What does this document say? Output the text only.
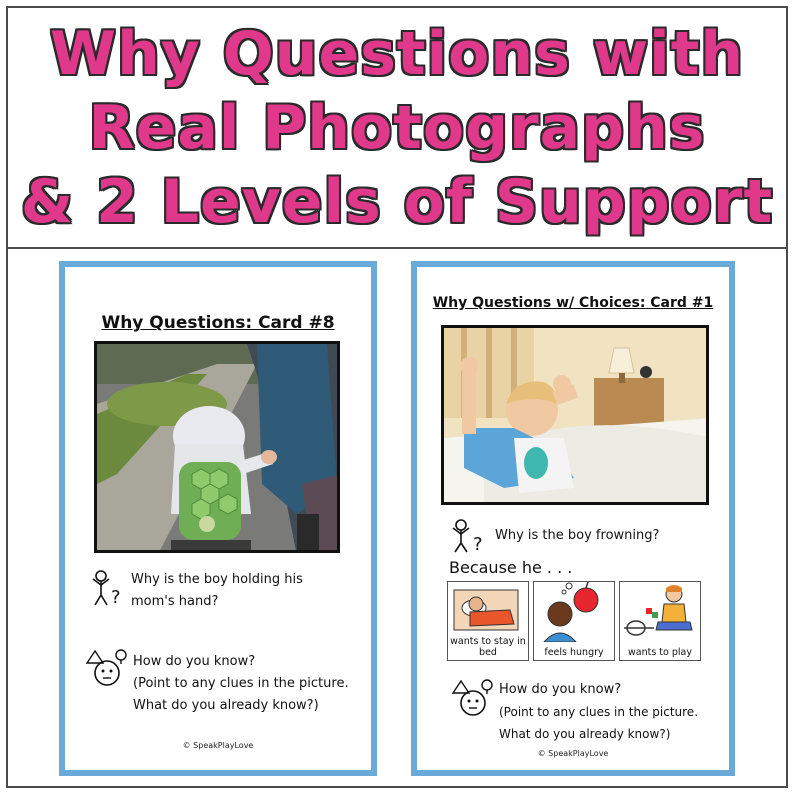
Why Questions with
Real Photographs
& 2 Levels of Support
Why Questions: Card #8
?
Why is the boy holding his
mom's hand?
How do you know?
(Point to any clues in the picture.
What do you already know?)
© SpeakPlayLove
Why Questions w/ Choices: Card #1
? Why is the boy frowning?
Because he . . .
wants to stay in
bed	feels hungry	wants to play
How do you know?
(Point to any clues in the picture.
What do you already know?)
© SpeakPlayLove
